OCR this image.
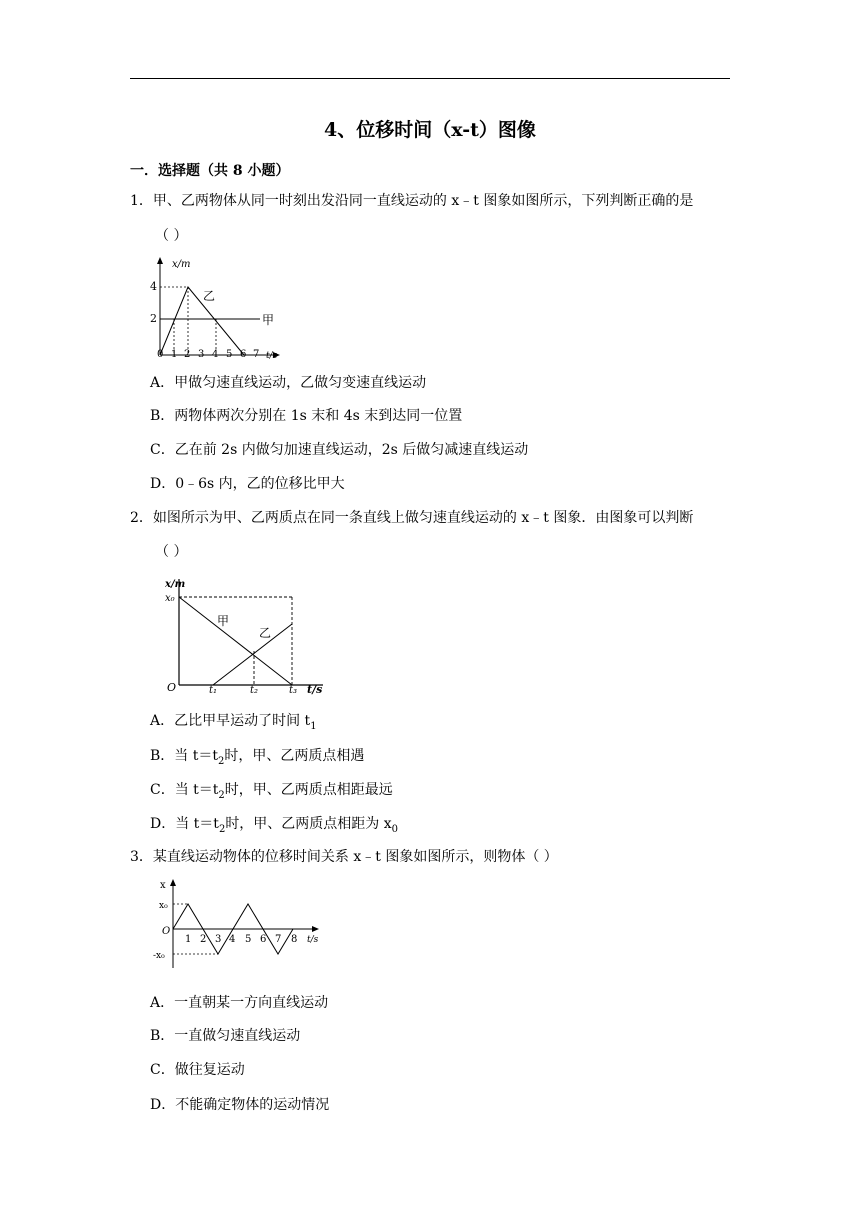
4、位移时间（x-t）图像
一．选择题（共 8 小题）
1．甲、乙两物体从同一时刻出发沿同一直线运动的 x﹣t 图象如图所示，下列判断正确的是
（ ）
x/m
t/s
4
2
0 1 2 3 4 5 6 7
乙
甲
A．甲做匀速直线运动，乙做匀变速直线运动
B．两物体两次分别在 1s 末和 4s 末到达同一位置
C．乙在前 2s 内做匀加速直线运动，2s 后做匀减速直线运动
D．0﹣6s 内，乙的位移比甲大
2．如图所示为甲、乙两质点在同一条直线上做匀速直线运动的 x﹣t 图象．由图象可以判断
（ ）
x/m
x₀
O	t₁	t₂	t₃ t/s
甲
乙
A．乙比甲早运动了时间 $t_1$
B．当 $t=t_2$时，甲、乙两质点相遇
C．当 $t=t_2$时，甲、乙两质点相距最远
D．当 $t=t_2$时，甲、乙两质点相距为 $x_0$
3．某直线运动物体的位移时间关系 x﹣t 图象如图所示，则物体（ ）
x
t/s
x₀
-x₀
O
1 2 3 4 5 6 7 8
A．一直朝某一方向直线运动
B．一直做匀速直线运动
C．做往复运动
D．不能确定物体的运动情况
